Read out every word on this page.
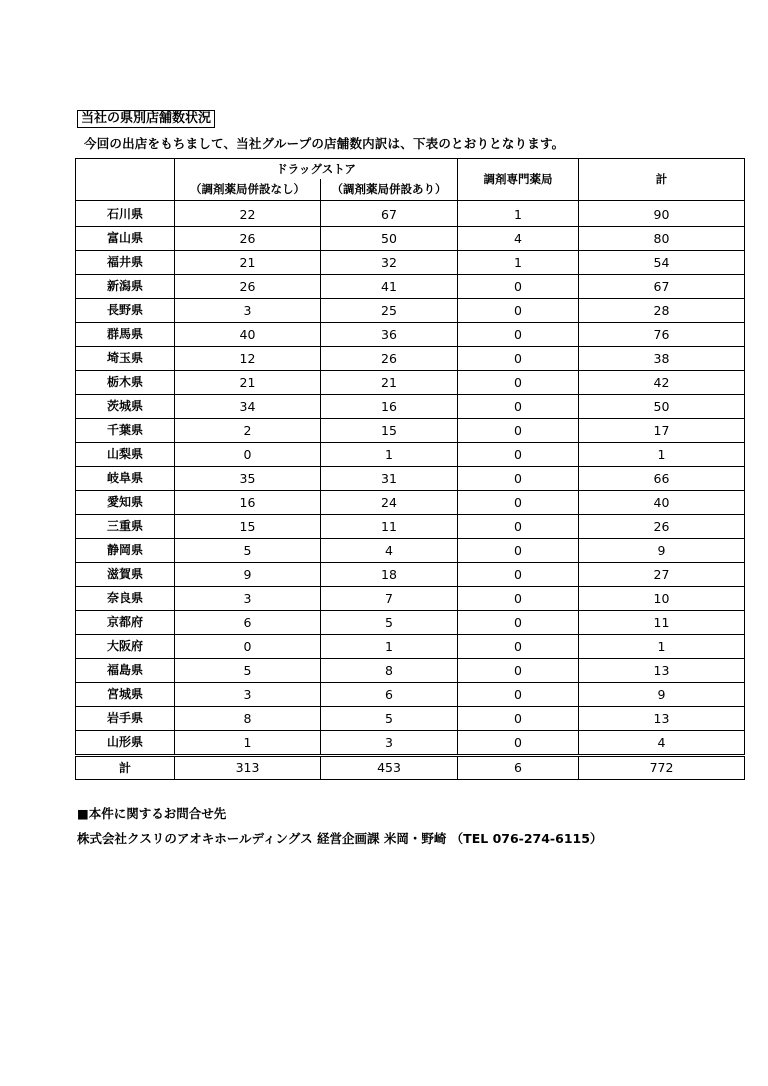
当社の県別店舗数状況
今回の出店をもちまして、当社グループの店舗数内訳は、下表のとおりとなります。
	ドラッグストア		調剤専門薬局	計
	（調剤薬局併設なし）	（調剤薬局併設あり）		
石川県	22	67	1	90
富山県	26	50	4	80
福井県	21	32	1	54
新潟県	26	41	0	67
長野県	3	25	0	28
群馬県	40	36	0	76
埼玉県	12	26	0	38
栃木県	21	21	0	42
茨城県	34	16	0	50
千葉県	2	15	0	17
山梨県	0	1	0	1
岐阜県	35	31	0	66
愛知県	16	24	0	40
三重県	15	11	0	26
静岡県	5	4	0	9
滋賀県	9	18	0	27
奈良県	3	7	0	10
京都府	6	5	0	11
大阪府	0	1	0	1
福島県	5	8	0	13
宮城県	3	6	0	9
岩手県	8	5	0	13
山形県	1	3	0	4
計	313	453	6	772
■本件に関するお問合せ先
株式会社クスリのアオキホールディングス 経営企画課 米岡・野崎 （TEL 076-274-6115）
